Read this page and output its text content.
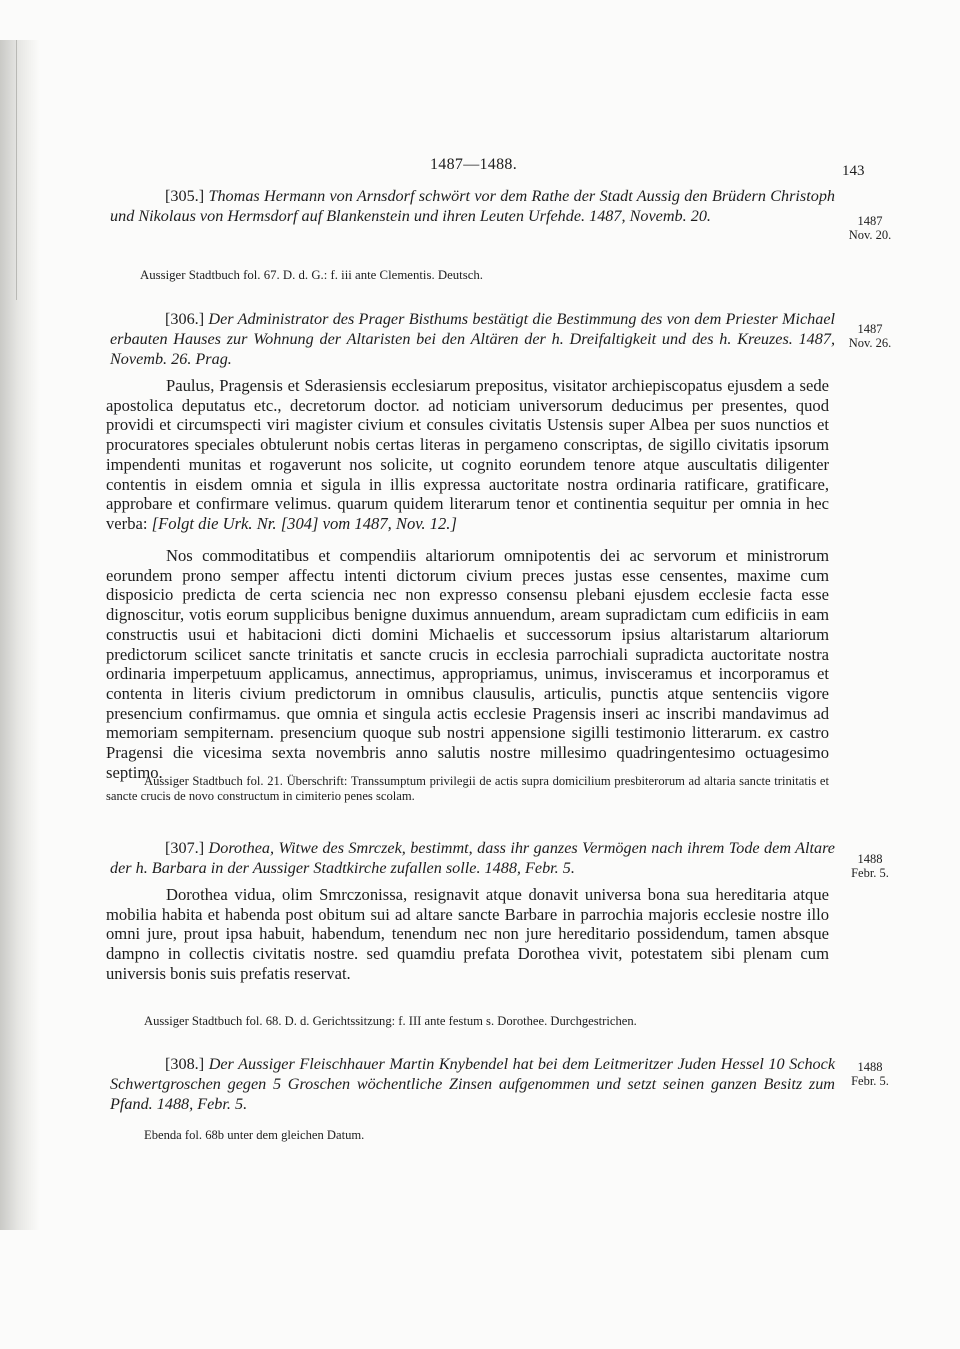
1487—1488.	143
[305.] Thomas Hermann von Arnsdorf schwört vor dem Rathe der Stadt Aussig den Brüdern Christoph und Nikolaus von Hermsdorf auf Blankenstein und ihren Leuten Urfehde. 1487, Novemb. 20.	1487
Nov. 20.
Aussiger Stadtbuch fol. 67. D. d. G.: f. iii ante Clementis. Deutsch.
[306.] Der Administrator des Prager Bisthums bestätigt die Bestimmung des von dem Priester Michael erbauten Hauses zur Wohnung der Altaristen bei den Altären der h. Dreifaltigkeit und des h. Kreuzes. 1487, Novemb. 26. Prag.
1487
Nov. 26.
Paulus, Pragensis et Sderasiensis ecclesiarum prepositus, visitator archiepiscopatus ejusdem a sede apostolica deputatus etc., decretorum doctor. ad noticiam universorum deducimus per presentes, quod providi et circumspecti viri magister civium et consules civitatis Ustensis super Albea per suos nunctios et procuratores speciales obtulerunt nobis certas literas in pergameno conscriptas, de sigillo civitatis ipsorum impendenti munitas et rogaverunt nos solicite, ut cognito eorundem tenore atque auscultatis diligenter contentis in eisdem omnia et sigula in illis expressa auctoritate nostra ordinaria ratificare, gratificare, approbare et confirmare velimus. quarum quidem literarum tenor et continentia sequitur per omnia in hec verba: [Folgt die Urk. Nr. [304] vom 1487, Nov. 12.]
Nos commoditatibus et compendiis altariorum omnipotentis dei ac servorum et ministrorum eorundem prono semper affectu intenti dictorum civium preces justas esse censentes, maxime cum disposicio predicta de certa sciencia nec non expresso consensu plebani ejusdem ecclesie facta esse dignoscitur, votis eorum supplicibus benigne duximus annuendum, aream supradictam cum edificiis in eam constructis usui et habitacioni dicti domini Michaelis et successorum ipsius altaristarum altariorum predictorum scilicet sancte trinitatis et sancte crucis in ecclesia parrochiali supradicta auctoritate nostra ordinaria imperpetuum applicamus, annectimus, appropriamus, unimus, invisceramus et incorporamus et contenta in literis civium predictorum in omnibus clausulis, articulis, punctis atque sentenciis vigore presencium confirmamus. que omnia et singula actis ecclesie Pragensis inseri ac inscribi mandavimus ad memoriam sempiternam. presencium quoque sub nostri appensione sigilli testimonio litterarum. ex castro Pragensi die vicesima sexta novembris anno salutis nostre millesimo quadringentesimo octuagesimo septimo.
Aussiger Stadtbuch fol. 21. Überschrift: Transsumptum privilegii de actis supra domicilium presbiterorum ad altaria sancte trinitatis et sancte crucis de novo constructum in cimiterio penes scolam.
[307.] Dorothea, Witwe des Smrczek, bestimmt, dass ihr ganzes Vermögen nach ihrem Tode dem Altare der h. Barbara in der Aussiger Stadtkirche zufallen solle. 1488, Febr. 5.	1488
Febr. 5.
Dorothea vidua, olim Smrczonissa, resignavit atque donavit universa bona sua hereditaria atque mobilia habita et habenda post obitum sui ad altare sancte Barbare in parrochia majoris ecclesie nostre illo omni jure, prout ipsa habuit, habendum, tenendum nec non jure hereditario possidendum, tamen absque dampno in collectis civitatis nostre. sed quamdiu prefata Dorothea vivit, potestatem sibi plenam cum universis bonis suis prefatis reservat.
Aussiger Stadtbuch fol. 68. D. d. Gerichtssitzung: f. III ante festum s. Dorothee. Durchgestrichen.
[308.] Der Aussiger Fleischhauer Martin Knybendel hat bei dem Leitmeritzer Juden Hessel 10 Schock Schwertgroschen gegen 5 Groschen wöchentliche Zinsen aufgenommen und setzt seinen ganzen Besitz zum Pfand. 1488, Febr. 5.
1488
Febr. 5.
Ebenda fol. 68b unter dem gleichen Datum.
